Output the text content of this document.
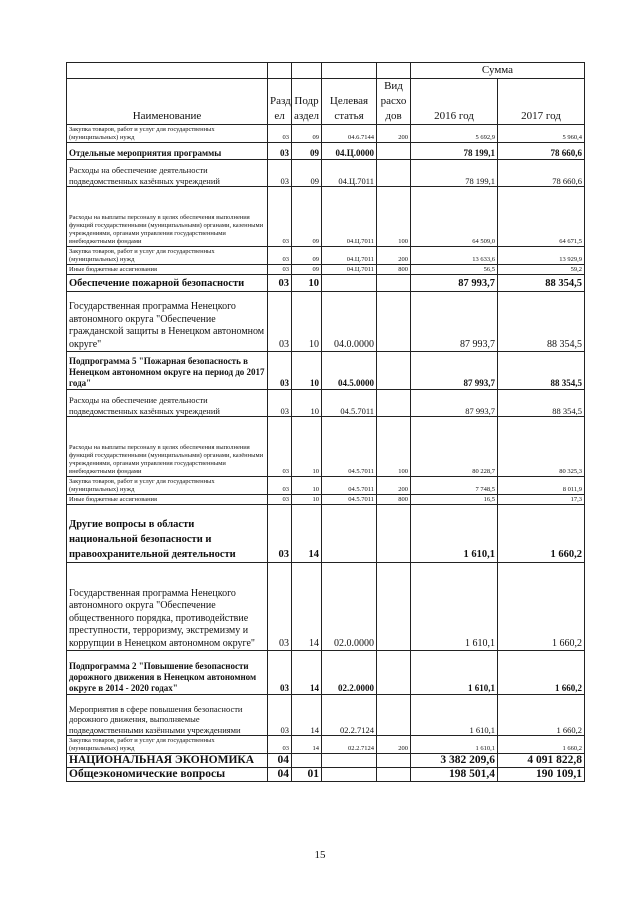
					Сумма	
Наименование	Разд ел	Подр аздел	Целевая статья	Вид расхо дов	2016 год	2017 год
Закупка товаров, работ и услуг для государственных (муниципальных) нужд	03	09	04.6.7144	200	5 692,9	5 960,4
Отдельные мероприятия программы	03	09	04.Ц.0000		78 199,1	78 660,6
Расходы на обеспечение деятельности подведомственных казённых учреждений	03	09	04.Ц.7011		78 199,1	78 660,6
Расходы на выплаты персоналу в целях обеспечения выполнения функций государственными (муниципальными) органами, казенными учреждениями, органами управления государственными внебюджетными фондами	03	09	04.Ц.7011	100	64 509,0	64 671,5
Закупка товаров, работ и услуг для государственных (муниципальных) нужд	03	09	04.Ц.7011	200	13 633,6	13 929,9
Иные бюджетные ассигнования	03	09	04.Ц.7011	800	56,5	59,2
Обеспечение пожарной безопасности	03	10			87 993,7	88 354,5
Государственная программа Ненецкого автономного округа "Обеспечение гражданской защиты в Ненецком автономном округе"	03	10	04.0.0000		87 993,7	88 354,5
Подпрограмма 5 "Пожарная безопасность в Ненецком автономном округе на период до 2017 года"	03	10	04.5.0000		87 993,7	88 354,5
Расходы на обеспечение деятельности подведомственных казённых учреждений	03	10	04.5.7011		87 993,7	88 354,5
Расходы на выплаты персоналу в целях обеспечения выполнения функций государственными (муниципальными) органами, казёнными учреждениями, органами управления государственными внебюджетными фондами	03	10	04.5.7011	100	80 228,7	80 325,3
Закупка товаров, работ и услуг для государственных (муниципальных) нужд	03	10	04.5.7011	200	7 748,5	8 011,9
Иные бюджетные ассигнования	03	10	04.5.7011	800	16,5	17,3
Другие вопросы в области национальной безопасности и правоохранительной деятельности	03	14			1 610,1	1 660,2
Государственная программа Ненецкого автономного округа "Обеспечение общественного порядка, противодействие преступности, терроризму, экстремизму и коррупции в Ненецком автономном округе"	03	14	02.0.0000		1 610,1	1 660,2
Подпрограмма 2 "Повышение безопасности дорожного движения в Ненецком автономном округе в 2014 - 2020 годах"	03	14	02.2.0000		1 610,1	1 660,2
Мероприятия в сфере повышения безопасности дорожного движения, выполняемые подведомственными казёнными учреждениями	03	14	02.2.7124		1 610,1	1 660,2
Закупка товаров, работ и услуг для государственных (муниципальных) нужд	03	14	02.2.7124	200	1 610,1	1 660,2
НАЦИОНАЛЬНАЯ ЭКОНОМИКА	04				3 382 209,6	4 091 822,8
Общеэкономические вопросы	04	01			198 501,4	190 109,1
15
